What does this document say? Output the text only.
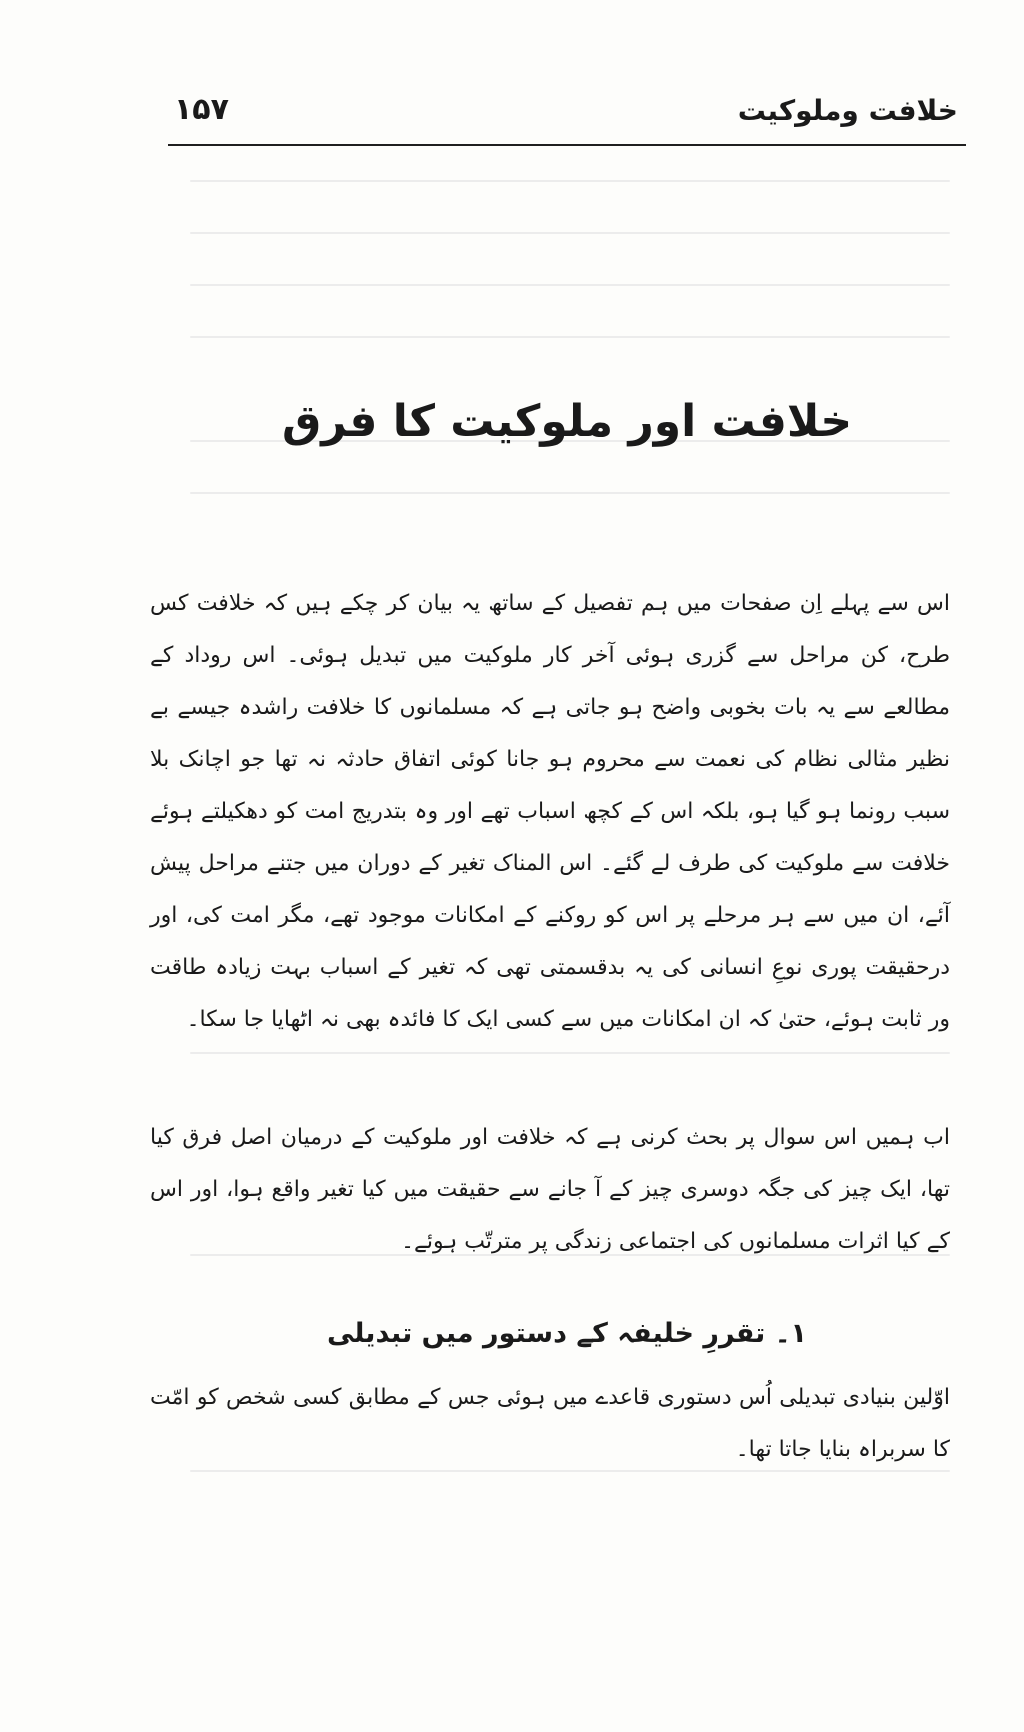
۱۵۷	خلافت وملوکیت
خلافت اور ملوکیت کا فرق

اس سے پہلے اِن صفحات میں ہم تفصیل کے ساتھ یہ بیان کر چکے ہیں کہ خلافت کس طرح، کن مراحل سے گزری ہوئی آخر کار ملوکیت میں تبدیل ہوئی۔ اس روداد کے مطالعے سے یہ بات بخوبی واضح ہو جاتی ہے کہ مسلمانوں کا خلافت راشدہ جیسے بے نظیر مثالی نظام کی نعمت سے محروم ہو جانا کوئی اتفاق حادثہ نہ تھا جو اچانک بلا سبب رونما ہو گیا ہو، بلکہ اس کے کچھ اسباب تھے اور وہ بتدریج امت کو دھکیلتے ہوئے خلافت سے ملوکیت کی طرف لے گئے۔ اس المناک تغیر کے دوران میں جتنے مراحل پیش آئے، ان میں سے ہر مرحلے پر اس کو روکنے کے امکانات موجود تھے، مگر امت کی، اور درحقیقت پوری نوعِ انسانی کی یہ بدقسمتی تھی کہ تغیر کے اسباب بہت زیادہ طاقت ور ثابت ہوئے، حتیٰ کہ ان امکانات میں سے کسی ایک کا فائدہ بھی نہ اٹھایا جا سکا۔

اب ہمیں اس سوال پر بحث کرنی ہے کہ خلافت اور ملوکیت کے درمیان اصل فرق کیا تھا، ایک چیز کی جگہ دوسری چیز کے آ جانے سے حقیقت میں کیا تغیر واقع ہوا، اور اس کے کیا اثرات مسلمانوں کی اجتماعی زندگی پر مترتّب ہوئے۔

۱۔ تقررِ خلیفہ کے دستور میں تبدیلی

اوّلین بنیادی تبدیلی اُس دستوری قاعدے میں ہوئی جس کے مطابق کسی شخص کو امّت کا سربراہ بنایا جاتا تھا۔
